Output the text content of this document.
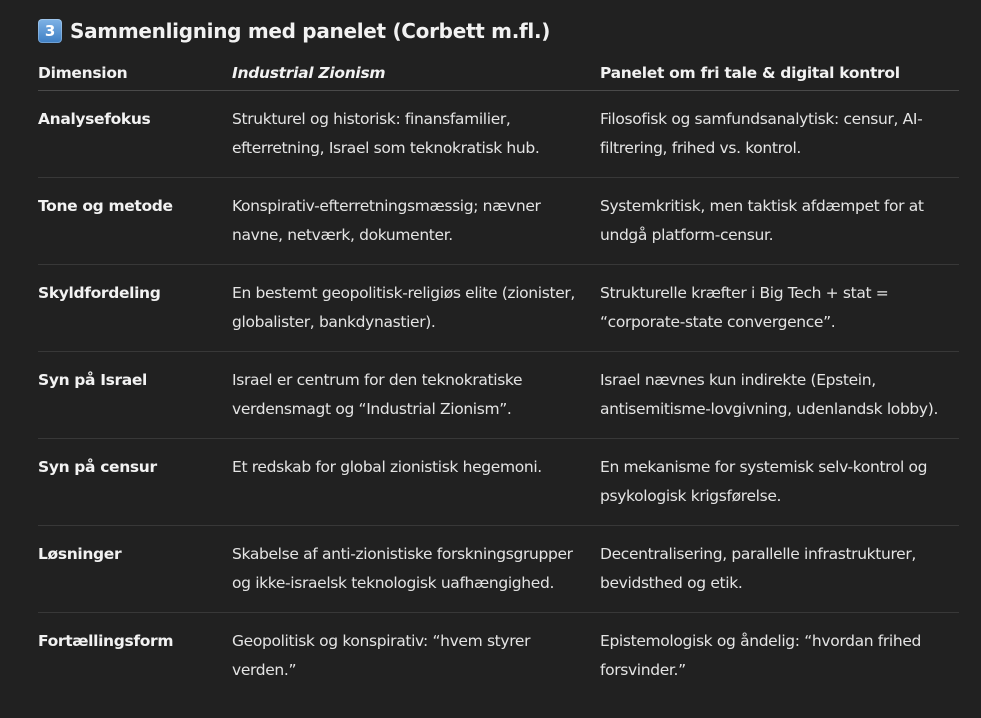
3 Sammenligning med panelet (Corbett m.fl.)
Dimension	Industrial Zionism	Panelet om fri tale & digital kontrol
Analysefokus	Strukturel og historisk: finansfamilier, efterretning, Israel som teknokratisk hub.	Filosofisk og samfundsanalytisk: censur, AI-filtrering, frihed vs. kontrol.
Tone og metode	Konspirativ-efterretningsmæssig; nævner navne, netværk, dokumenter.	Systemkritisk, men taktisk afdæmpet for at undgå platform-censur.
Skyldfordeling	En bestemt geopolitisk-religiøs elite (zionister, globalister, bankdynastier).	Strukturelle kræfter i Big Tech + stat = “corporate-state convergence”.
Syn på Israel	Israel er centrum for den teknokratiske verdensmagt og “Industrial Zionism”.	Israel nævnes kun indirekte (Epstein, antisemitisme-lovgivning, udenlandsk lobby).
Syn på censur	Et redskab for global zionistisk hegemoni.	En mekanisme for systemisk selv-kontrol og psykologisk krigsførelse.
Løsninger	Skabelse af anti-zionistiske forskningsgrupper og ikke-israelsk teknologisk uafhængighed.	Decentralisering, parallelle infrastrukturer, bevidsthed og etik.
Fortællingsform	Geopolitisk og konspirativ: “hvem styrer verden.”	Epistemologisk og åndelig: “hvordan frihed forsvinder.”
